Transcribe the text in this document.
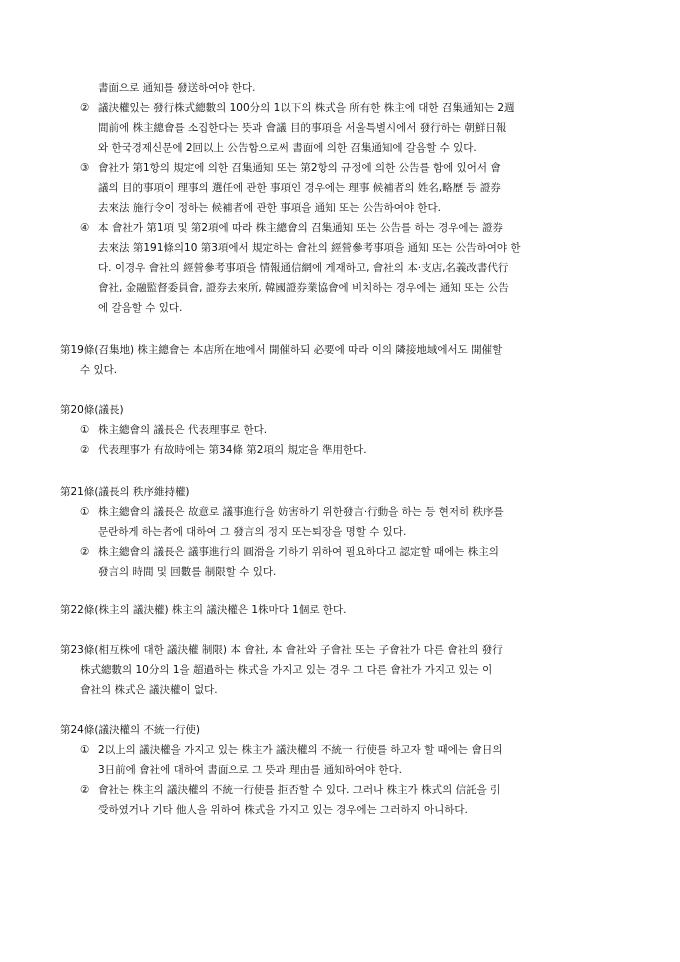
書面으로 通知를 發送하여야 한다.
② 議決權있는 發行株式總數의 100分의 1以下의 株式을 所有한 株主에 대한 召集通知는 2週
間前에 株主總會를 소집한다는 뜻과 會議 目的事項을 서울특별시에서 發行하는 朝鮮日報
와 한국경제신문에 2回以上 公告함으로써 書面에 의한 召集通知에 갈음할 수 있다.
③ 會社가 第1항의 規定에 의한 召集通知 또는 第2항의 규정에 의한 公告를 함에 있어서 會
議의 目的事項이 理事의 選任에 관한 事項인 경우에는 理事 候補者의 姓名,略歷 등 證券
去來法 施行令이 정하는 候補者에 관한 事項을 通知 또는 公告하여야 한다.
④ 本 會社가 第1項 및 第2項에 따라 株主總會의 召集通知 또는 公告를 하는 경우에는 證券
去來法 第191條의10 第3項에서 規定하는 會社의 經營參考事項을 通知 또는 公告하여야 한
다. 이경우 會社의 經營參考事項을 情報通信網에 게재하고, 會社의 本·支店,名義改書代行
會社, 金融監督委員會, 證券去來所, 韓國證券業協會에 비치하는 경우에는 通知 또는 公告
에 갈음할 수 있다.
第19條(召集地) 株主總會는 本店所在地에서 開催하되 必要에 따라 이의 隣接地域에서도 開催할
수 있다.
第20條(議長)
① 株主總會의 議長은 代表理事로 한다.
② 代表理事가 有故時에는 第34條 第2項의 規定을 準用한다.
第21條(議長의 秩序維持權)
① 株主總會의 議長은 故意로 議事進行을 妨害하기 위한發言·行動을 하는 등 현저히 秩序를
문란하게 하는者에 대하여 그 發言의 정지 또는퇴장을 명할 수 있다.
② 株主總會의 議長은 議事進行의 圓滑을 기하기 위하여 필요하다고 認定할 때에는 株主의
發言의 時間 및 回數를 制限할 수 있다.
第22條(株主의 議決權) 株主의 議決權은 1株마다 1個로 한다.
第23條(相互株에 대한 議決權 制限) 本 會社, 本 會社와 子會社 또는 子會社가 다른 會社의 發行
株式總數의 10分의 1을 超過하는 株式을 가지고 있는 경우 그 다른 會社가 가지고 있는 이
會社의 株式은 議決權이 없다.
第24條(議決權의 不統一行使)
① 2以上의 議決權을 가지고 있는 株主가 議決權의 不統一 行使를 하고자 할 때에는 會日의
3日前에 會社에 대하여 書面으로 그 뜻과 理由를 通知하여야 한다.
② 會社는 株主의 議決權의 不統一行使를 拒否할 수 있다. 그러나 株主가 株式의 信託을 引
受하였거나 기타 他人을 위하여 株式을 가지고 있는 경우에는 그러하지 아니하다.
